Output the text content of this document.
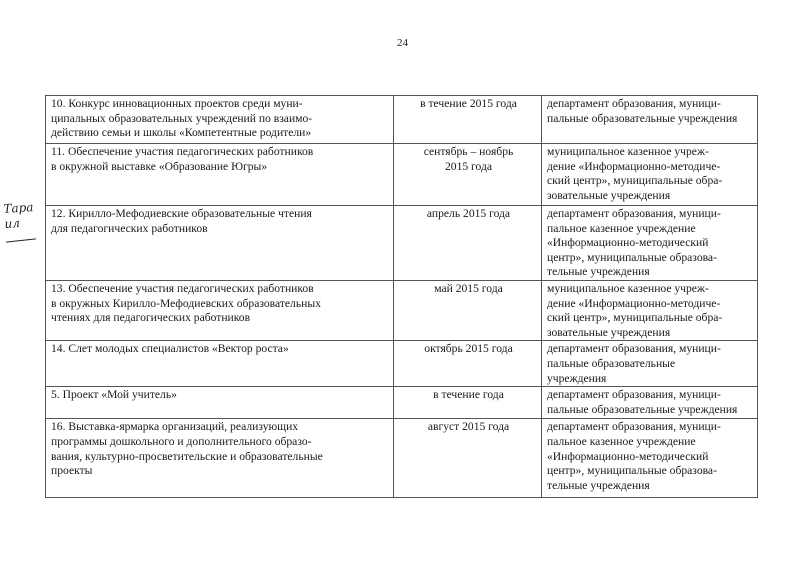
24
Тара
ил
10. Конкурс инновационных проектов среди муни-
ципальных образовательных учреждений по взаимо-
действию семьи и школы «Компетентные родители»	в течение 2015 года	департамент образования, муници-
пальные образовательные учреждения

11. Обеспечение участия педагогических работников
в окружной выставке «Образование Югры»	сентябрь – ноябрь
2015 года	муниципальное казенное учреж-
дение «Информационно-методиче-
ский центр», муниципальные обра-
зовательные учреждения

12. Кирилло-Мефодиевские образовательные чтения
для педагогических работников	апрель 2015 года	департамент образования, муници-
пальное казенное учреждение
«Информационно-методический
центр», муниципальные образова-
тельные учреждения

13. Обеспечение участия педагогических работников
в окружных Кирилло-Мефодиевских образовательных
чтениях для педагогических работников	май 2015 года	муниципальное казенное учреж-
дение «Информационно-методиче-
ский центр», муниципальные обра-
зовательные учреждения

14. Слет молодых специалистов «Вектор роста»	октябрь 2015 года	департамент образования, муници-
пальные образовательные
учреждения

5. Проект «Мой учитель»	в течение года	департамент образования, муници-
пальные образовательные учреждения

16. Выставка-ярмарка организаций, реализующих
программы дошкольного и дополнительного образо-
вания, культурно-просветительские и образовательные
проекты	август 2015 года	департамент образования, муници-
пальное казенное учреждение
«Информационно-методический
центр», муниципальные образова-
тельные учреждения
